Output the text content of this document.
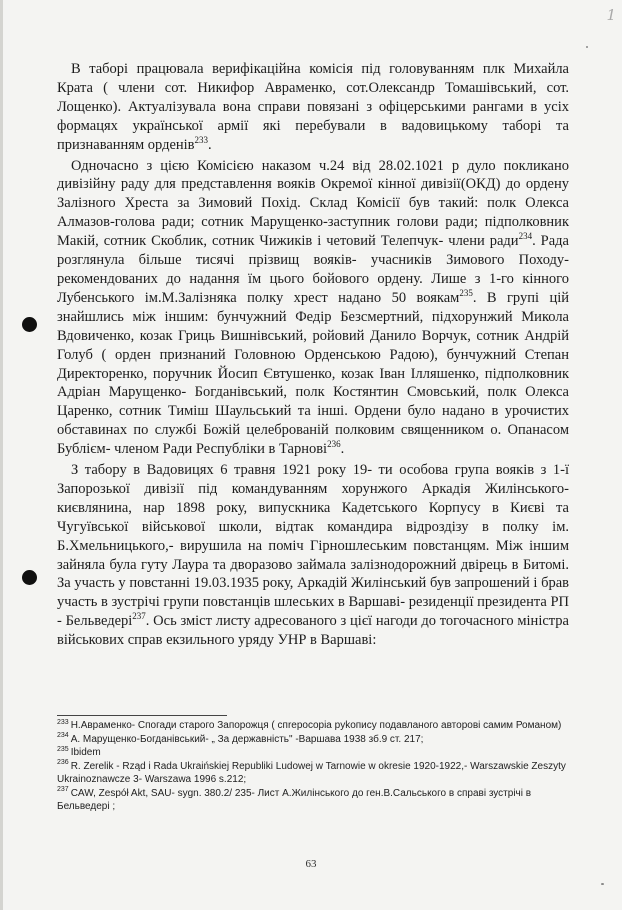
1

В таборі працювала верифікаційна комісія під головуванням плк Михайла Крата ( члени сот. Никифор Авраменко, сот.Олександр Томашівський, сот. Лощенко). Актуалізувала вона справи повязані з офіцерськими рангами в усіх формацях української армії які перебували в вадовицькому таборі та признаванням орденів$^{233}$.

Одночасно з цією Комісією наказом ч.24 від 28.02.1021 р дуло покликано дивізійну раду для представлення вояків Окремої кінної дивізії(ОКД) до ордену Залізного Хреста за Зимовий Похід. Склад Комісії був такий: полк Олекса Алмазов-голова ради; сотник Марущенко-заступник голови ради; підполковник Макій, сотник Скоблик, сотник Чижиків і четовий Телепчук- члени ради$^{234}$. Рада розглянула більше тисячі прізвищ вояків- учасників Зимового Походу- рекомендованих до надання їм цього бойового ордену. Лише з 1-го кінного Лубенського ім.М.Залізняка полку хрест надано 50 воякам$^{235}$. В групі цій знайшлись між іншим: бунчужний Федір Безсмертний, підхорунжий Микола Вдовиченко, козак Гриць Вишнівський, ройовий Данило Ворчук, сотник Андрій Голуб ( орден признаний Головною Орденською Радою), бунчужний Степан Директоренко, поручник Йосип Євтушенко, козак Іван Ілляшенко, підполковник Адріан Марущенко- Богданівський, полк Костянтин Смовський, полк Олекса Царенко, сотник Тиміш Шаульський та інші. Ордени було надано в урочистих обставинах по службі Божій целеброваній полковим священником о. Опанасом Бублієм- членом Ради Республіки в Тарнові$^{236}$.

З табору в Вадовицях 6 травня 1921 року 19- ти особова група вояків з 1-ї Запорозької дивізії під командуванням хорунжого Аркадія Жилінського-києвлянина, нар 1898 року, випускника Кадетського Корпусу в Києві та Чугуївської військової школи, відтак командира відроздізу в полку ім. Б.Хмельницького,- вирушила на поміч Гірношлеським повстанцям. Між іншим зайняла була гуту Лаура та дворазово займала залізнодорожний двірець в Битомі. За участь у повстанні 19.03.1935 року, Аркадій Жилінський був запрошений і брав участь в зустрічі групи повстанців шлеських в Варшаві- резиденції президента РП - Бельведері$^{237}$. Ось зміст листу адресованого з цієї нагоди до тогочасного міністра військових справ екзильного уряду УНР в Варшаві:

$^{233}$ Н.Авраменко- Спогади старого Запорожця ( cпrepocopia pykoпиcy подaвлaного авторові самим Романом)
$^{234}$ А. Марущенко-Богданівський- „ За державність" -Варшава 1938 зб.9 ст. 217;
$^{235}$ Ibidem
$^{236}$ R. Zerelik - Rząd i Rada Ukraińskiej Republiki Ludowej w Tarnowie w okresie 1920-1922,- Warszawskie Zeszyty Ukrainoznawcze 3- Warszawa 1996 s.212;
$^{237}$ CAW, Zespół Akt, SAU- sygn. 380.2/ 235- Лист А.Жилінського до ген.В.Сальського в справі зустрічі в Бельведері ;
63
